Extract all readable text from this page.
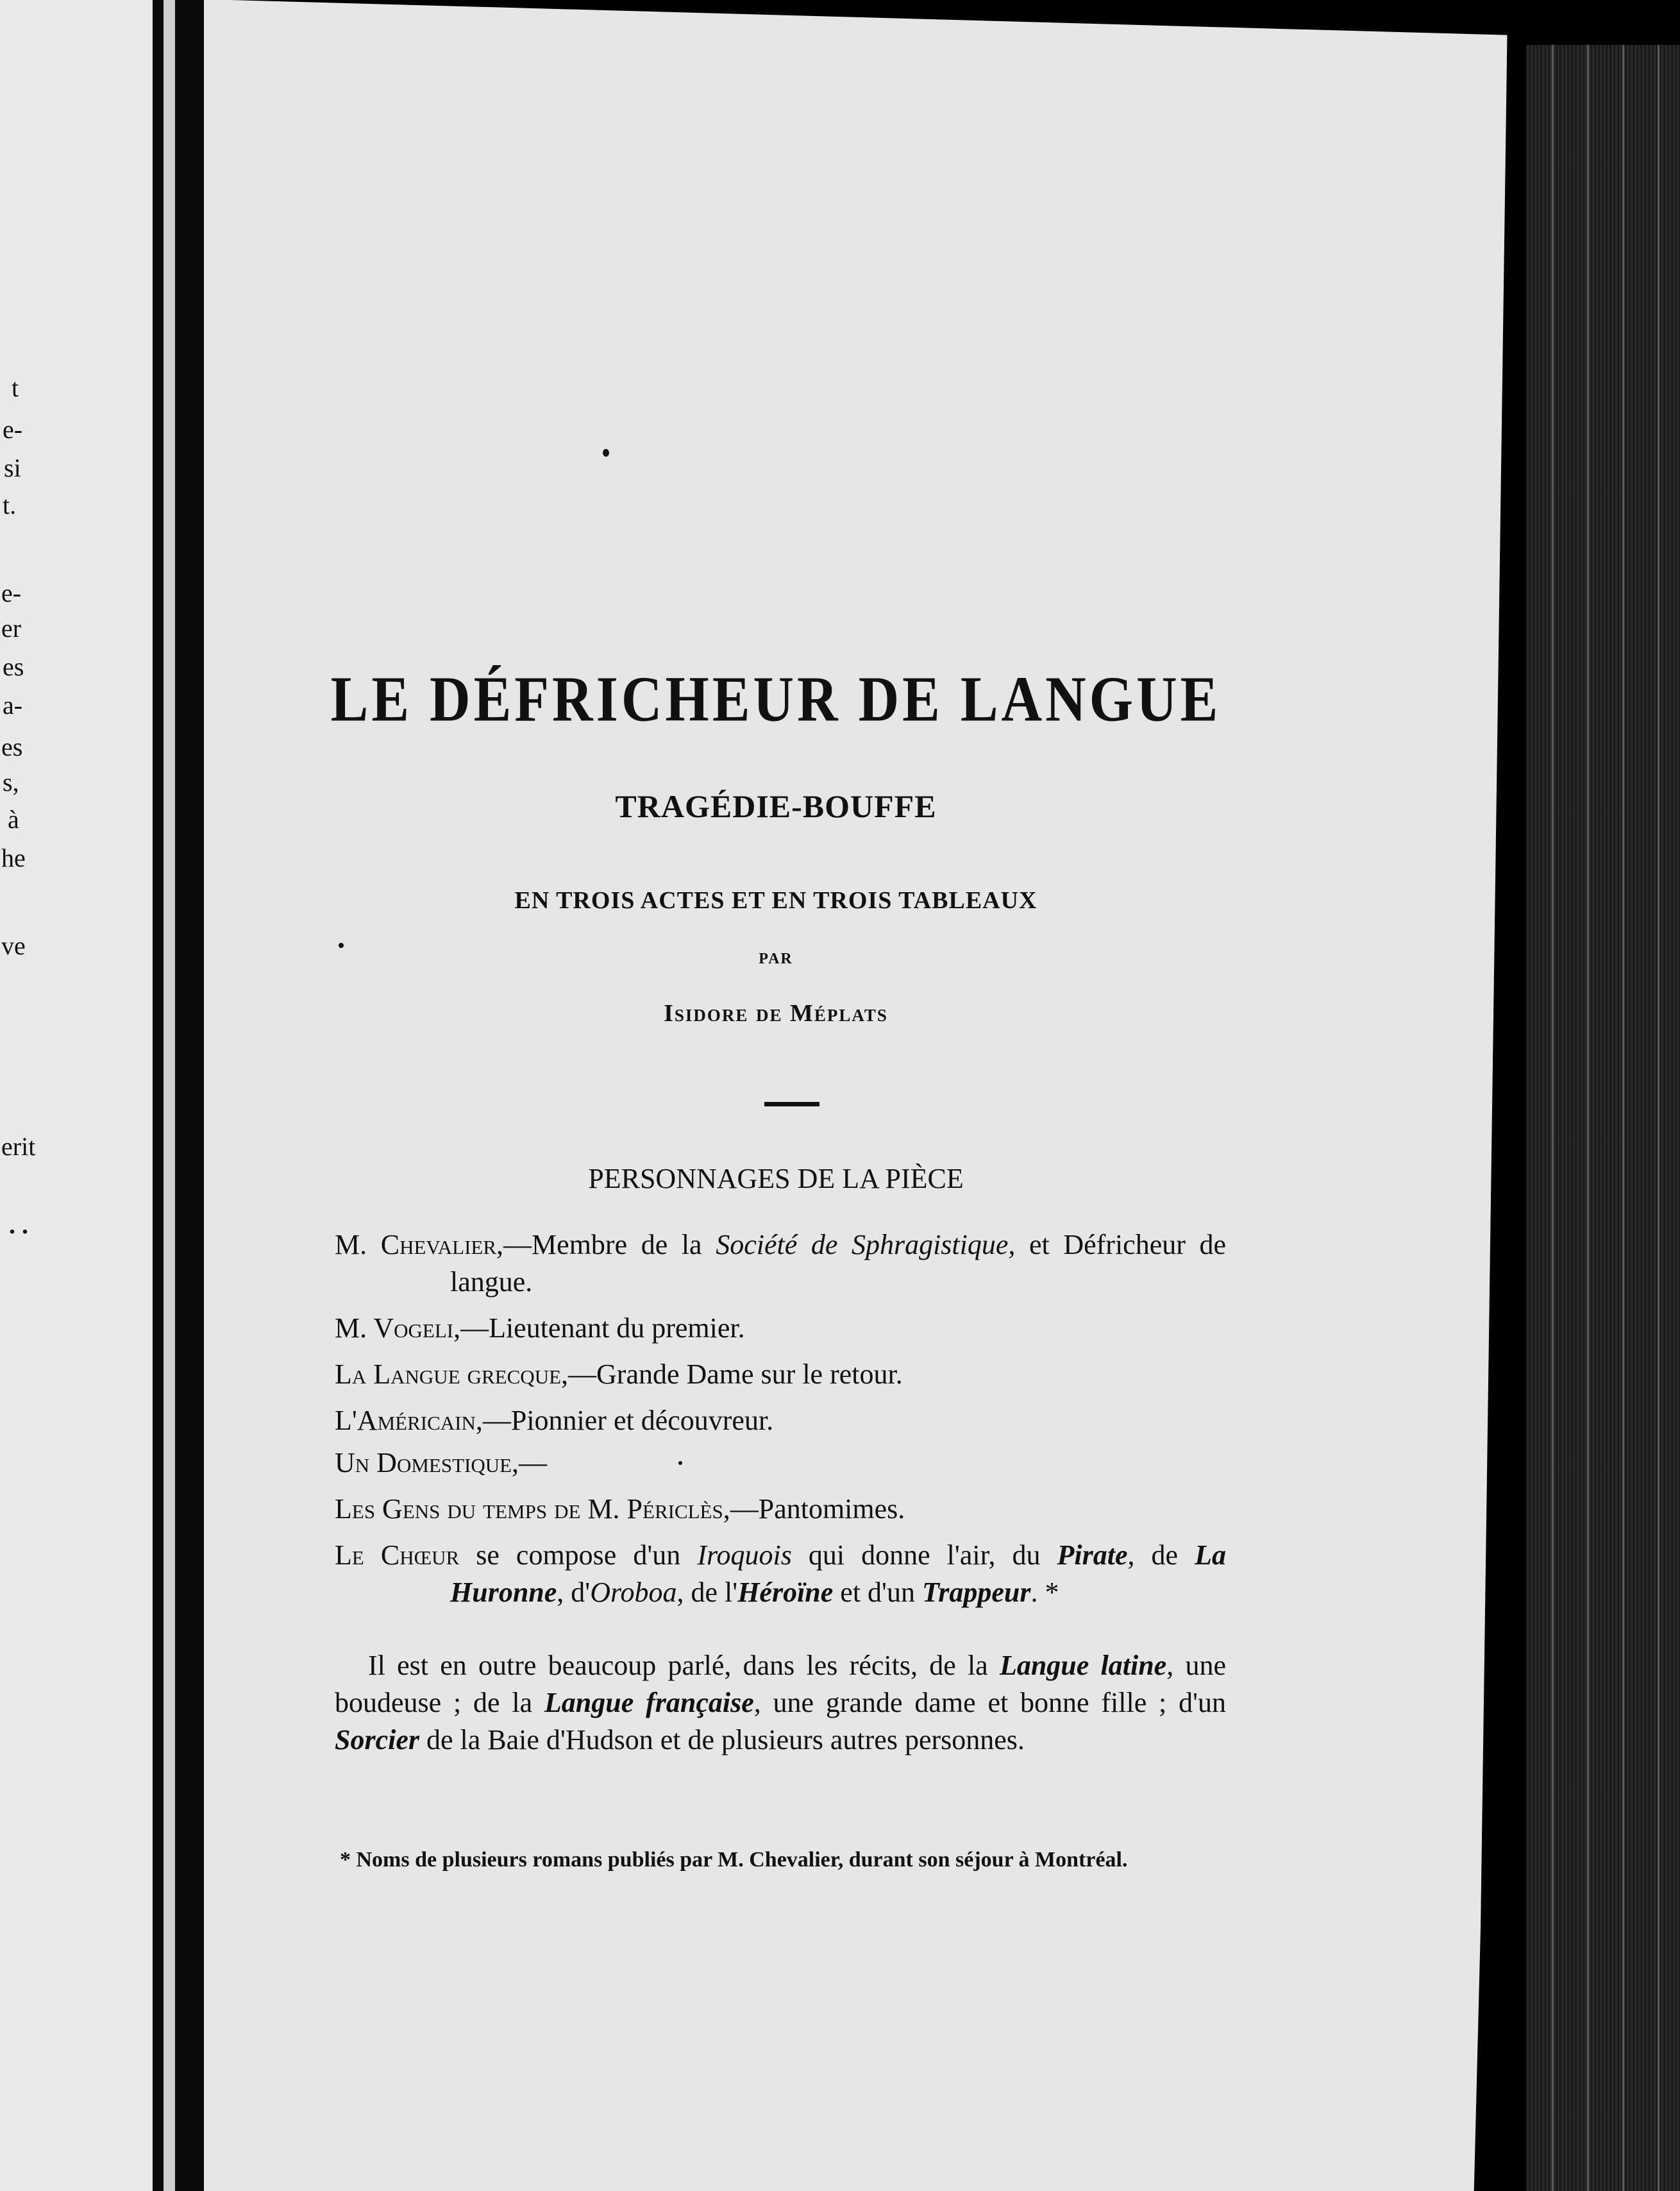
t
e-
si
t.
e-
er
es
a-
es
s,
à
he
ve
erit
. .
LE DÉFRICHEUR DE LANGUE
TRAGÉDIE-BOUFFE
EN TROIS ACTES ET EN TROIS TABLEAUX
PAR
Isidore de Méplats
PERSONNAGES DE LA PIÈCE
M. Chevalier,—Membre de la Société de Sphragistique, et Défricheur de langue.
M. Vogeli,—Lieutenant du premier.
La Langue grecque,—Grande Dame sur le retour.
L'Américain,—Pionnier et découvreur.
Un Domestique,—
Les Gens du temps de M. Périclès,—Pantomimes.
Le Chœur se compose d'un Iroquois qui donne l'air, du Pirate, de La Huronne, d'Oroboa, de l'Héroïne et d'un Trappeur. *
Il est en outre beaucoup parlé, dans les récits, de la Langue latine, une boudeuse ; de la Langue française, une grande dame et bonne fille ; d'un Sorcier de la Baie d'Hudson et de plusieurs autres personnes.
* Noms de plusieurs romans publiés par M. Chevalier, durant son séjour à Montréal.
